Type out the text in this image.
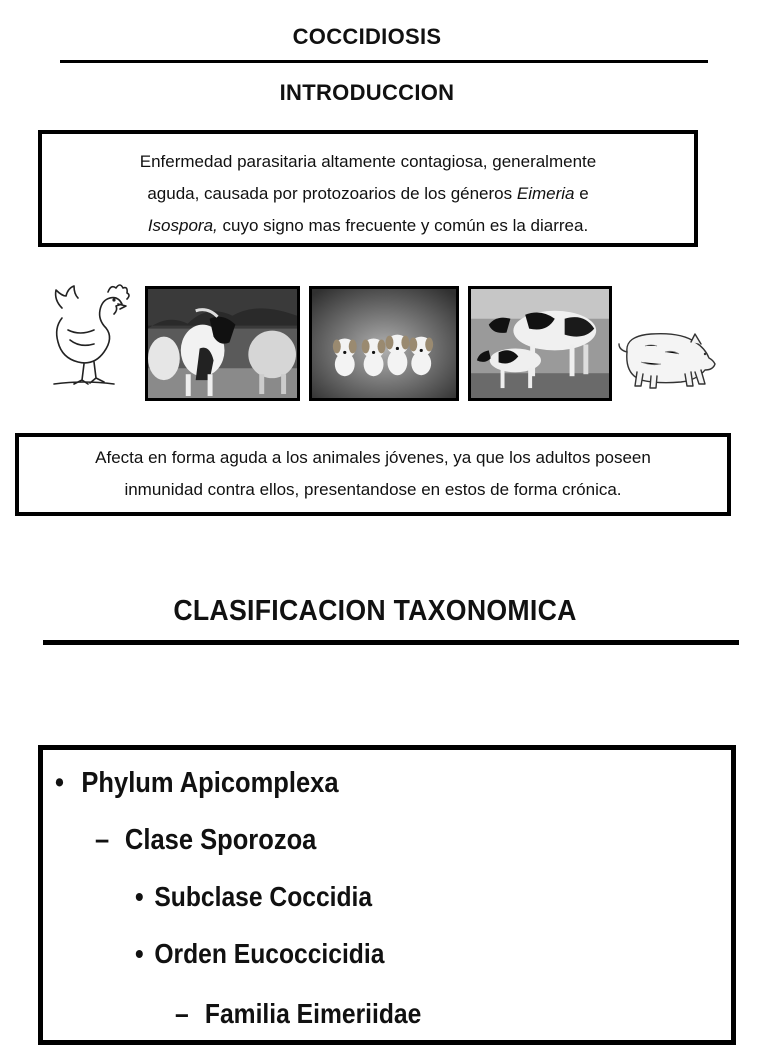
COCCIDIOSIS
INTRODUCCION
Enfermedad parasitaria altamente contagiosa, generalmente
aguda, causada por protozoarios de los géneros Eimeria e
Isospora, cuyo signo mas frecuente y común es la diarrea.
Afecta en forma aguda a los animales jóvenes, ya que los adultos poseen
inmunidad contra ellos, presentandose en estos de forma crónica.
CLASIFICACION TAXONOMICA
• Phylum Apicomplexa
– Clase Sporozoa
• Subclase Coccidia
• Orden Eucoccicidia
– Familia Eimeriidae
